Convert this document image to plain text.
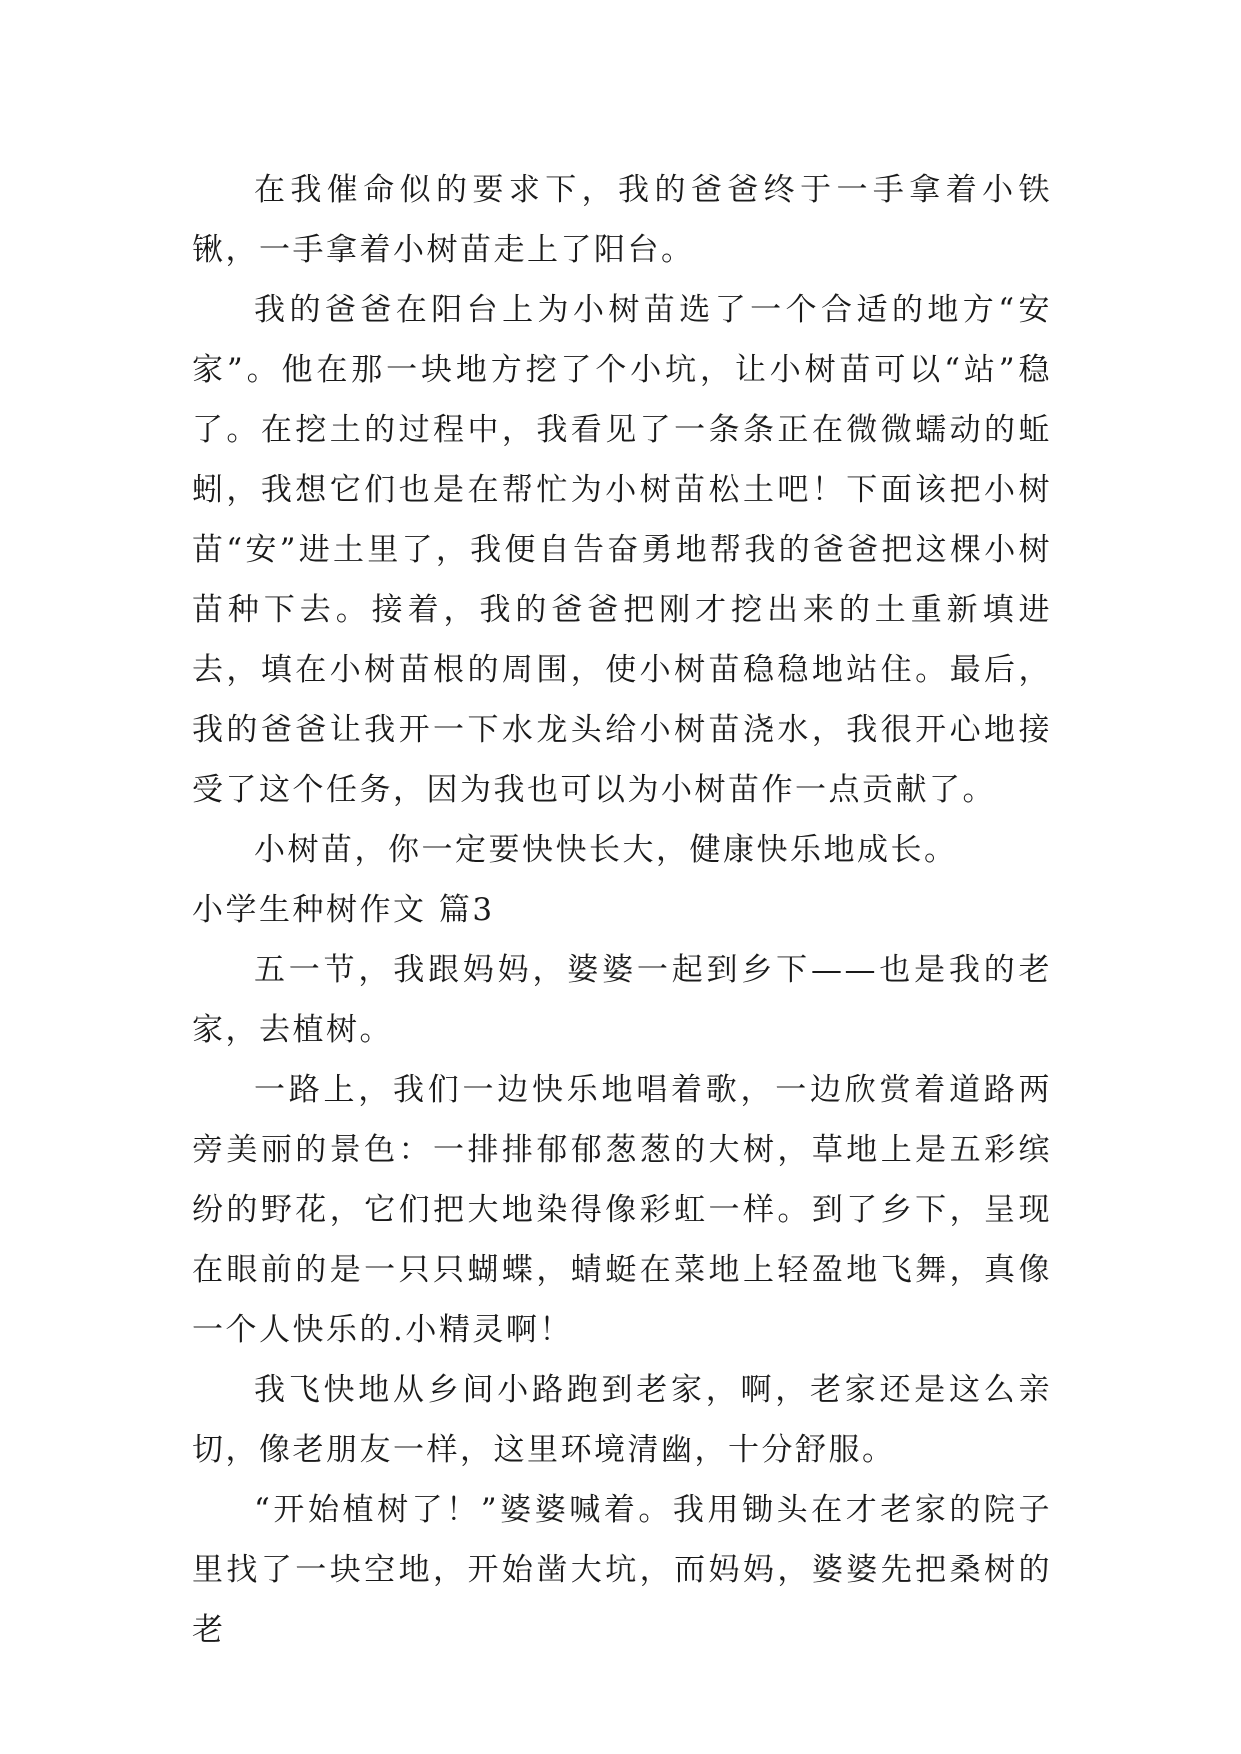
在我催命似的要求下，我的爸爸终于一手拿着小铁锹，一手拿着小树苗走上了阳台。

我的爸爸在阳台上为小树苗选了一个合适的地方“安家”。他在那一块地方挖了个小坑，让小树苗可以“站”稳了。在挖土的过程中，我看见了一条条正在微微蠕动的蚯蚓，我想它们也是在帮忙为小树苗松土吧！下面该把小树苗“安”进土里了，我便自告奋勇地帮我的爸爸把这棵小树苗种下去。接着，我的爸爸把刚才挖出来的土重新填进 去，填在小树苗根的周围，使小树苗稳稳地站住。最后，我的爸爸让我开一下水龙头给小树苗浇水，我很开心地接受了这个任务，因为我也可以为小树苗作一点贡献了。

小树苗，你一定要快快长大，健康快乐地成长。

小学生种树作文 篇3

五一节，我跟妈妈，婆婆一起到乡下——也是我的老家，去植树。

一路上，我们一边快乐地唱着歌，一边欣赏着道路两旁美丽的景色：一排排郁郁葱葱的大树，草地上是五彩缤纷的野花，它们把大地染得像彩虹一样。到了乡下，呈现在眼前的是一只只蝴蝶，蜻蜓在菜地上轻盈地飞舞，真像一个人快乐的.小精灵啊！

我飞快地从乡间小路跑到老家，啊，老家还是这么亲切，像老朋友一样，这里环境清幽，十分舒服。

“开始植树了！”婆婆喊着。我用锄头在才老家的院子里找了一块空地，开始凿大坑，而妈妈，婆婆先把桑树的老
